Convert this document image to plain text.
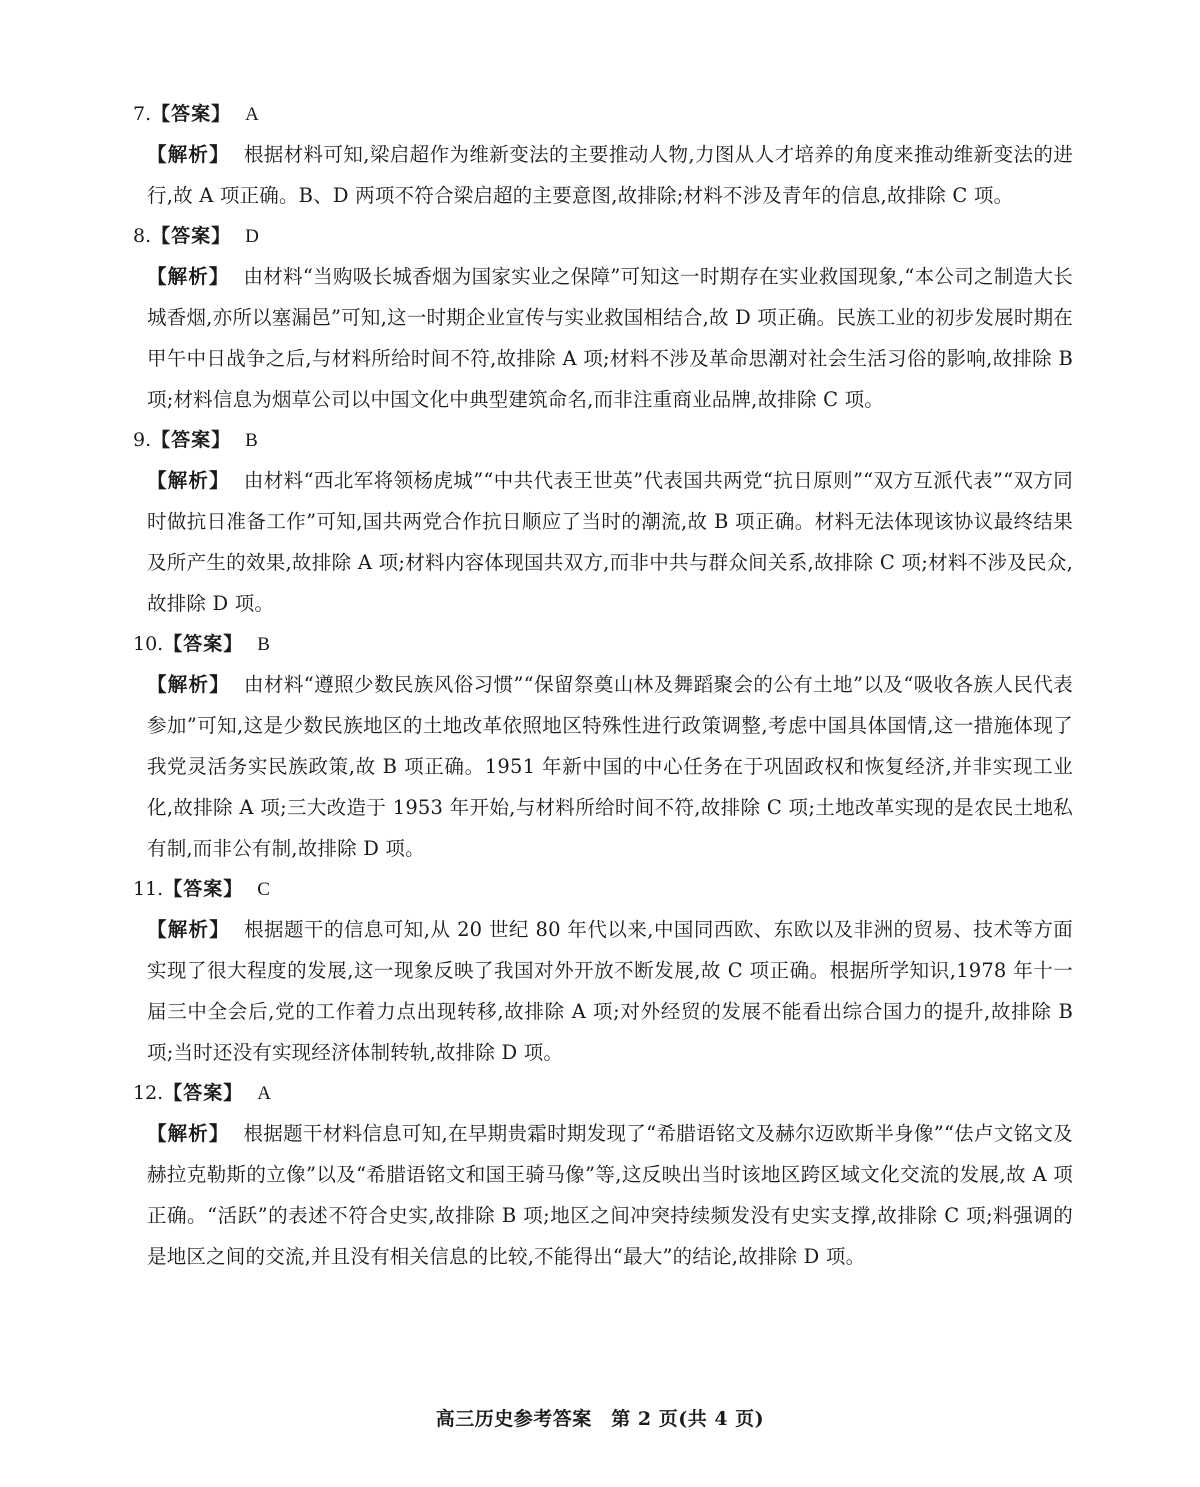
7.【答案】 A

【解析】 根据材料可知,梁启超作为维新变法的主要推动人物,力图从人才培养的角度来推动维新变法的进行,故 A 项正确。B、D 两项不符合梁启超的主要意图,故排除;材料不涉及青年的信息,故排除 C 项。

8.【答案】 D

【解析】 由材料“当购吸长城香烟为国家实业之保障”可知这一时期存在实业救国现象,“本公司之制造大长城香烟,亦所以塞漏邑”可知,这一时期企业宣传与实业救国相结合,故 D 项正确。民族工业的初步发展时期在甲午中日战争之后,与材料所给时间不符,故排除 A 项;材料不涉及革命思潮对社会生活习俗的影响,故排除 B 项;材料信息为烟草公司以中国文化中典型建筑命名,而非注重商业品牌,故排除 C 项。

9.【答案】 B

【解析】 由材料“西北军将领杨虎城”“中共代表王世英”代表国共两党“抗日原则”“双方互派代表”“双方同时做抗日准备工作”可知,国共两党合作抗日顺应了当时的潮流,故 B 项正确。材料无法体现该协议最终结果及所产生的效果,故排除 A 项;材料内容体现国共双方,而非中共与群众间关系,故排除 C 项;材料不涉及民众,故排除 D 项。

10.【答案】 B

【解析】 由材料“遵照少数民族风俗习惯”“保留祭奠山林及舞蹈聚会的公有土地”以及“吸收各族人民代表参加”可知,这是少数民族地区的土地改革依照地区特殊性进行政策调整,考虑中国具体国情,这一措施体现了我党灵活务实民族政策,故 B 项正确。1951 年新中国的中心任务在于巩固政权和恢复经济,并非实现工业化,故排除 A 项;三大改造于 1953 年开始,与材料所给时间不符,故排除 C 项;土地改革实现的是农民土地私有制,而非公有制,故排除 D 项。

11.【答案】 C

【解析】 根据题干的信息可知,从 20 世纪 80 年代以来,中国同西欧、东欧以及非洲的贸易、技术等方面实现了很大程度的发展,这一现象反映了我国对外开放不断发展,故 C 项正确。根据所学知识,1978 年十一届三中全会后,党的工作着力点出现转移,故排除 A 项;对外经贸的发展不能看出综合国力的提升,故排除 B 项;当时还没有实现经济体制转轨,故排除 D 项。

12.【答案】 A

【解析】 根据题干材料信息可知,在早期贵霜时期发现了“希腊语铭文及赫尔迈欧斯半身像”“佉卢文铭文及赫拉克勒斯的立像”以及“希腊语铭文和国王骑马像”等,这反映出当时该地区跨区域文化交流的发展,故 A 项正确。“活跃”的表述不符合史实,故排除 B 项;地区之间冲突持续频发没有史实支撑,故排除 C 项;料强调的是地区之间的交流,并且没有相关信息的比较,不能得出“最大”的结论,故排除 D 项。

高三历史参考答案　第 2 页(共 4 页)
